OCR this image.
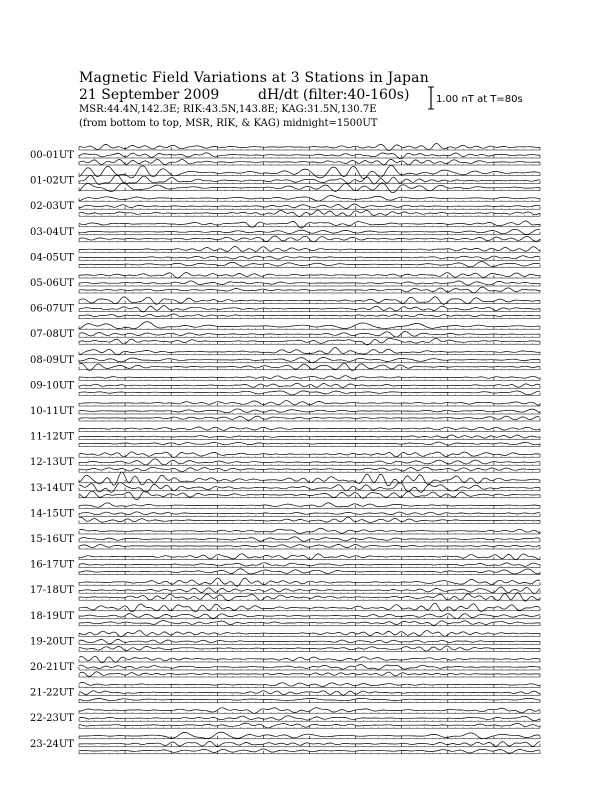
Magnetic Field Variations at 3 Stations in Japan
21 September 2009	dH/dt (filter:40-160s)
MSR:44.4N,142.3E; RIK:43.5N,143.8E; KAG:31.5N,130.7E
(from bottom to top, MSR, RIK, & KAG) midnight=1500UT
1.00 nT at T=80s
00-01UT
01-02UT
02-03UT
03-04UT
04-05UT
05-06UT
06-07UT
07-08UT
08-09UT
09-10UT
10-11UT
11-12UT
12-13UT
13-14UT
14-15UT
15-16UT
16-17UT
17-18UT
18-19UT
19-20UT
20-21UT
21-22UT
22-23UT
23-24UT
